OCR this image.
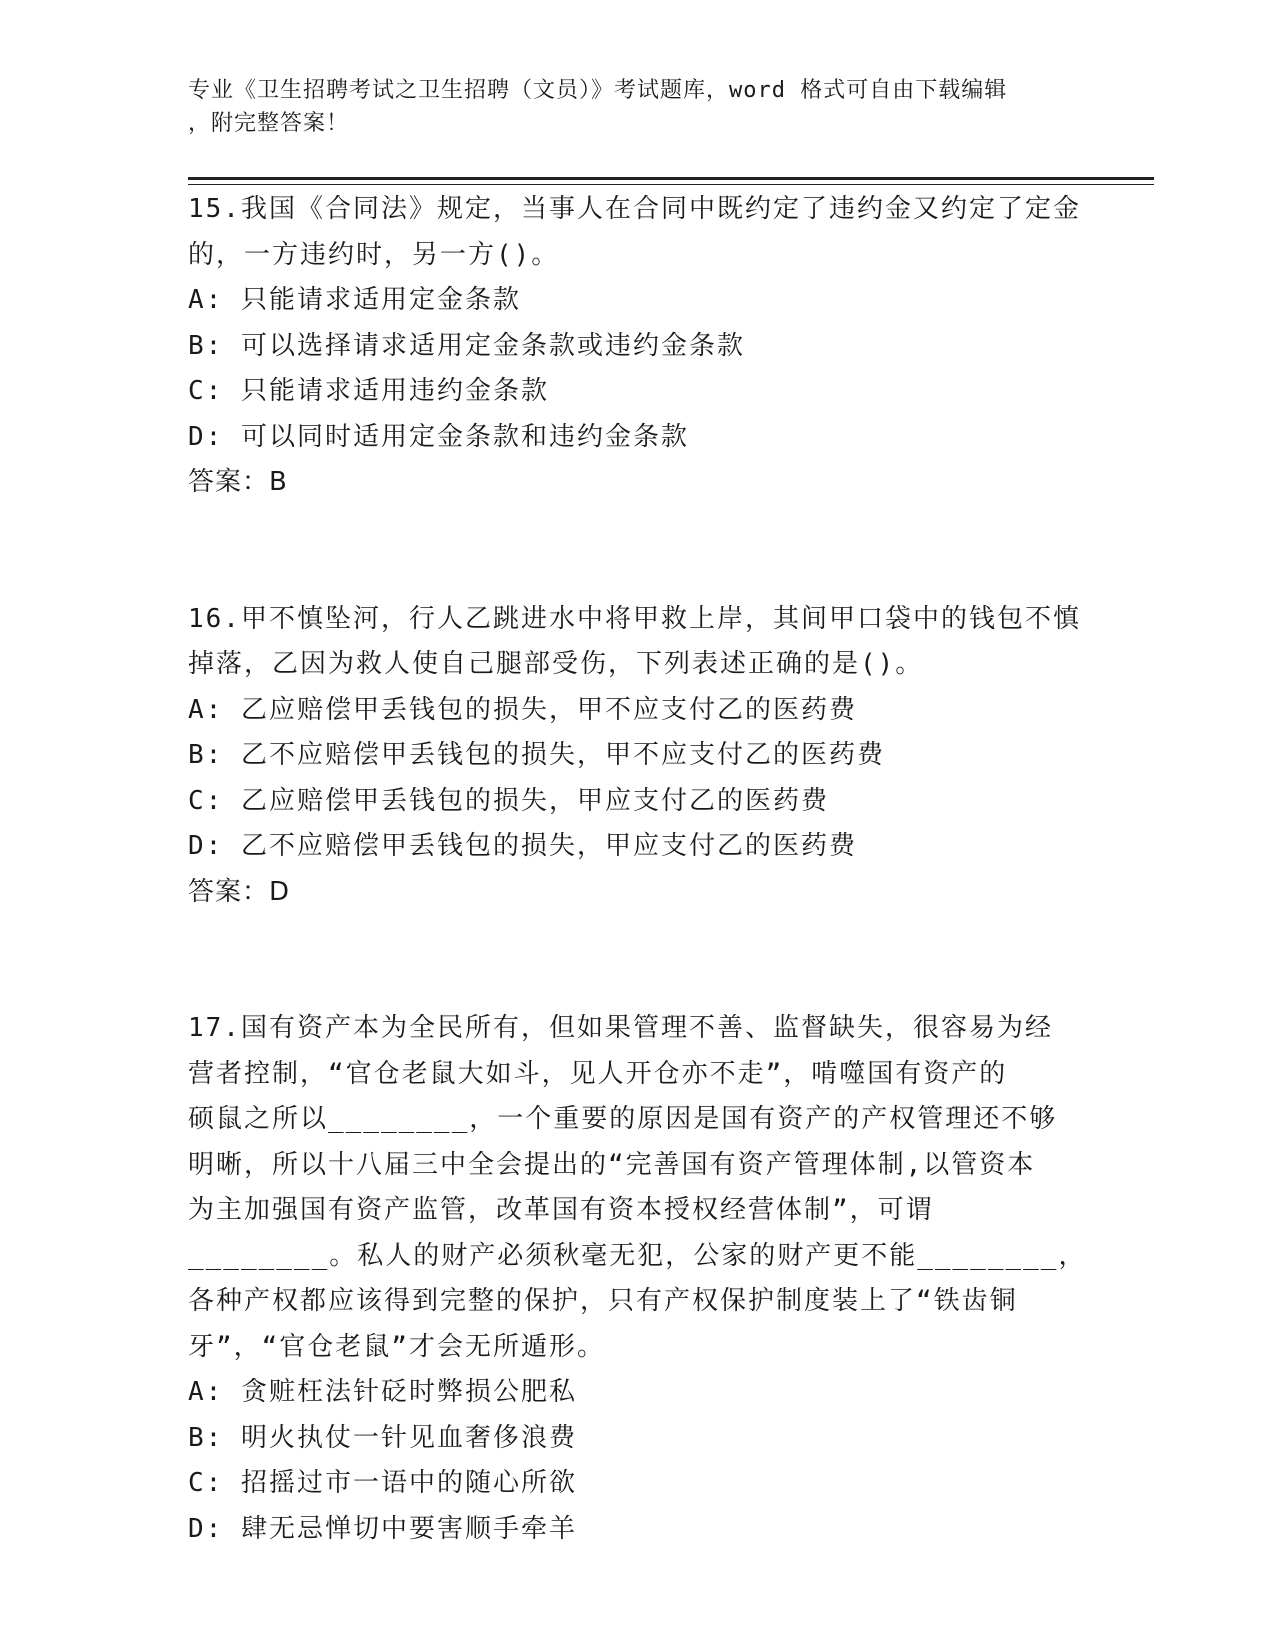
专业《卫生招聘考试之卫生招聘（文员）》考试题库，word 格式可自由下载编辑
，附完整答案！
15.我国《合同法》规定，当事人在合同中既约定了违约金又约定了定金的，一方违约时，另一方()。
A: 只能请求适用定金条款
B: 可以选择请求适用定金条款或违约金条款
C: 只能请求适用违约金条款
D: 可以同时适用定金条款和违约金条款
答案：B
16.甲不慎坠河，行人乙跳进水中将甲救上岸，其间甲口袋中的钱包不慎掉落，乙因为救人使自己腿部受伤，下列表述正确的是()。
A: 乙应赔偿甲丢钱包的损失，甲不应支付乙的医药费
B: 乙不应赔偿甲丢钱包的损失，甲不应支付乙的医药费
C: 乙应赔偿甲丢钱包的损失，甲应支付乙的医药费
D: 乙不应赔偿甲丢钱包的损失，甲应支付乙的医药费
答案：D
17.国有资产本为全民所有，但如果管理不善、监督缺失，很容易为经
营者控制，“官仓老鼠大如斗，见人开仓亦不走”，啃噬国有资产的
硕鼠之所以________，一个重要的原因是国有资产的产权管理还不够
明晰，所以十八届三中全会提出的“完善国有资产管理体制,以管资本
为主加强国有资产监管，改革国有资本授权经营体制”，可谓
________。私人的财产必须秋毫无犯，公家的财产更不能________，
各种产权都应该得到完整的保护，只有产权保护制度装上了“铁齿铜
牙”，“官仓老鼠”才会无所遁形。
A: 贪赃枉法针砭时弊损公肥私
B: 明火执仗一针见血奢侈浪费
C: 招摇过市一语中的随心所欲
D: 肆无忌惮切中要害顺手牵羊
